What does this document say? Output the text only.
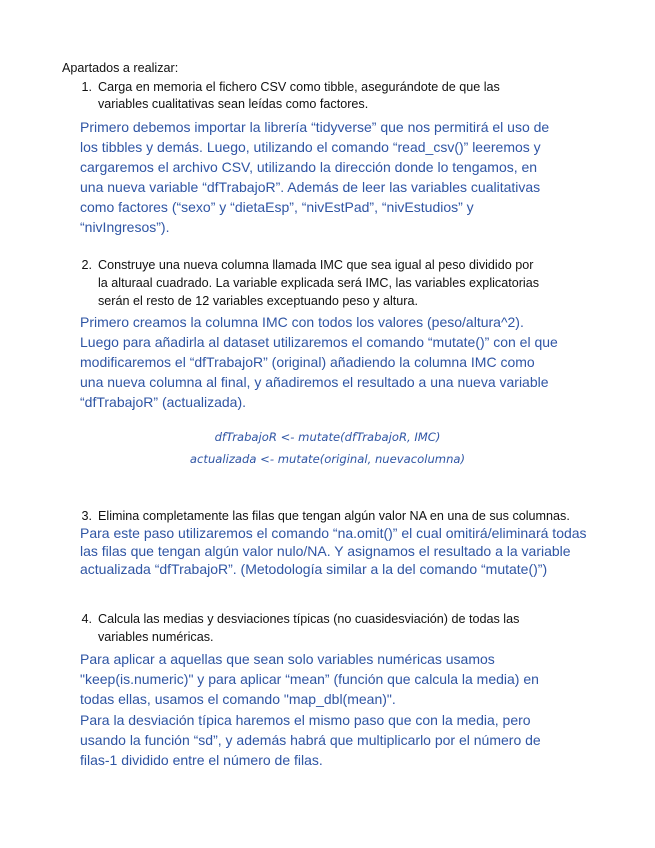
Apartados a realizar:
1. Carga en memoria el fichero CSV como tibble, asegurándote de que las
variables cualitativas sean leídas como factores.
Primero debemos importar la librería “tidyverse” que nos permitirá el uso de
los tibbles y demás. Luego, utilizando el comando “read_csv()” leeremos y
cargaremos el archivo CSV, utilizando la dirección donde lo tengamos, en
una nueva variable “dfTrabajoR”. Además de leer las variables cualitativas
como factores (“sexo” y “dietaEsp”, “nivEstPad”, “nivEstudios” y
“nivIngresos”).
2. Construye una nueva columna llamada IMC que sea igual al peso dividido por
la alturaal cuadrado. La variable explicada será IMC, las variables explicatorias
serán el resto de 12 variables exceptuando peso y altura.
Primero creamos la columna IMC con todos los valores (peso/altura^2).
Luego para añadirla al dataset utilizaremos el comando “mutate()” con el que
modificaremos el “dfTrabajoR” (original) añadiendo la columna IMC como
una nueva columna al final, y añadiremos el resultado a una nueva variable
“dfTrabajoR” (actualizada).
dfTrabajoR <- mutate(dfTrabajoR, IMC)
actualizada <- mutate(original, nuevacolumna)
3. Elimina completamente las filas que tengan algún valor NA en una de sus columnas.
Para este paso utilizaremos el comando “na.omit()” el cual omitirá/eliminará todas
las filas que tengan algún valor nulo/NA. Y asignamos el resultado a la variable
actualizada “dfTrabajoR”. (Metodología similar a la del comando “mutate()”)
4. Calcula las medias y desviaciones típicas (no cuasidesviación) de todas las
variables numéricas.
Para aplicar a aquellas que sean solo variables numéricas usamos
"keep(is.numeric)" y para aplicar “mean” (función que calcula la media) en
todas ellas, usamos el comando "map_dbl(mean)".
Para la desviación típica haremos el mismo paso que con la media, pero
usando la función “sd”, y además habrá que multiplicarlo por el número de
filas-1 dividido entre el número de filas.
